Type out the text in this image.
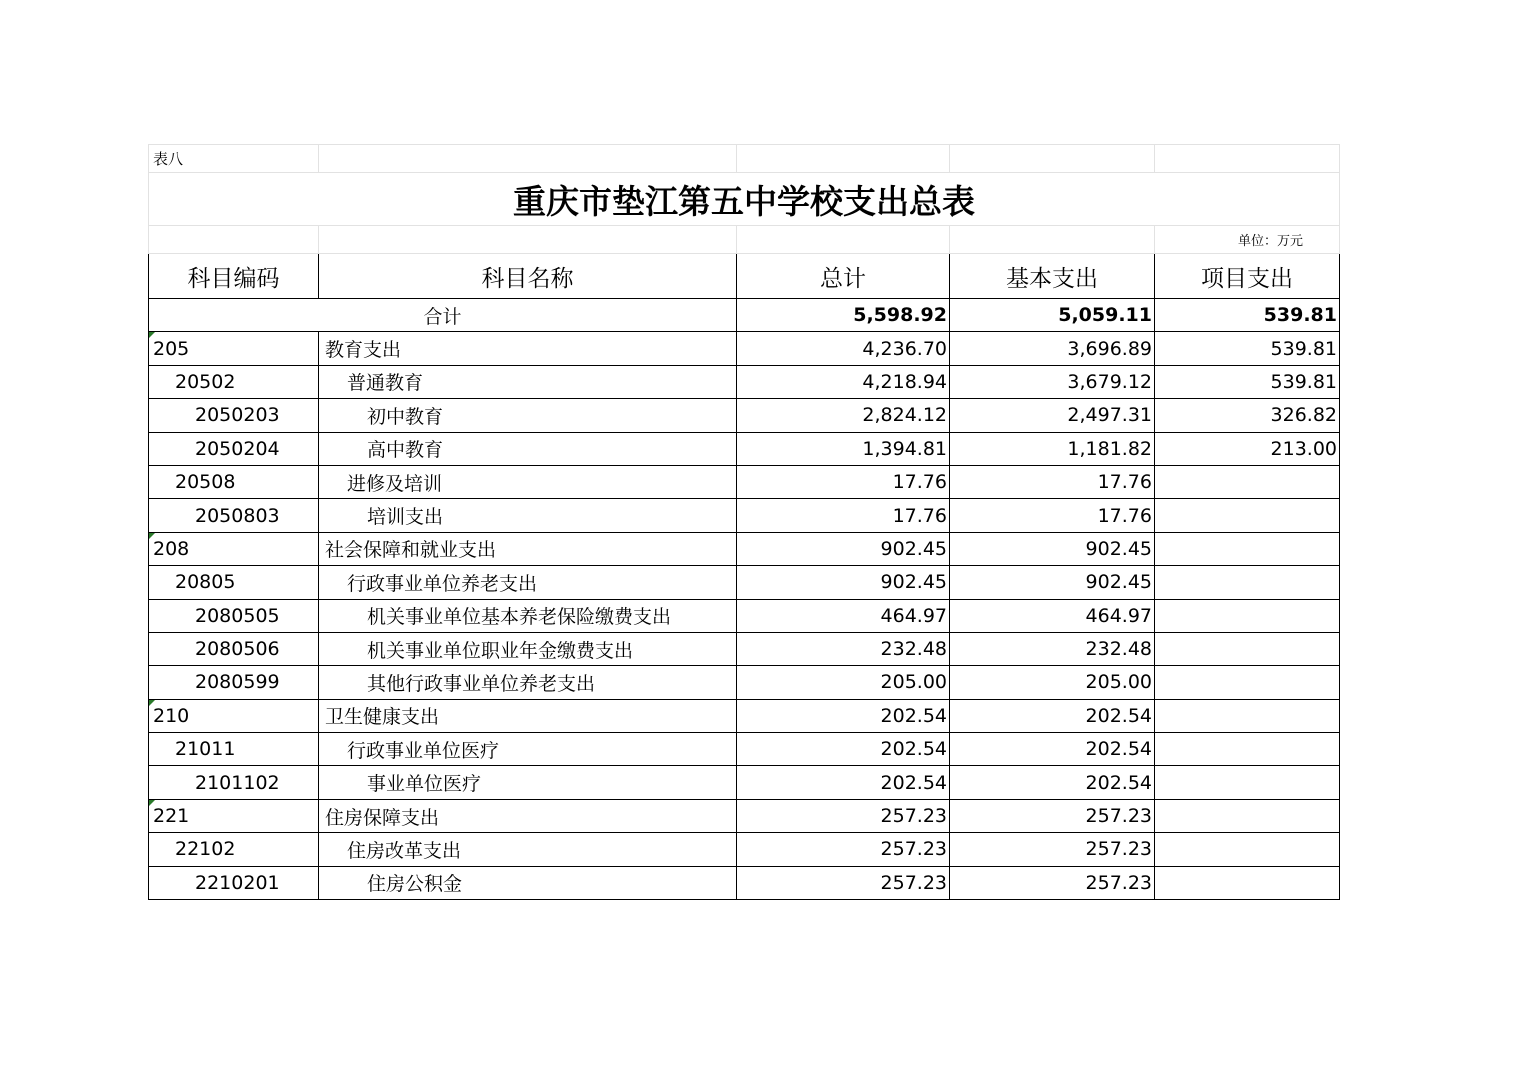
表八				
重庆市垫江第五中学校支出总表				
				单位：万元
科目编码	科目名称	总计	基本支出	项目支出
合计		5,598.92	5,059.11	539.81
205	教育支出	4,236.70	3,696.89	539.81
20502	普通教育	4,218.94	3,679.12	539.81
2050203	初中教育	2,824.12	2,497.31	326.82
2050204	高中教育	1,394.81	1,181.82	213.00
20508	进修及培训	17.76	17.76	
2050803	培训支出	17.76	17.76	
208	社会保障和就业支出	902.45	902.45	
20805	行政事业单位养老支出	902.45	902.45	
2080505	机关事业单位基本养老保险缴费支出	464.97	464.97	
2080506	机关事业单位职业年金缴费支出	232.48	232.48	
2080599	其他行政事业单位养老支出	205.00	205.00	
210	卫生健康支出	202.54	202.54	
21011	行政事业单位医疗	202.54	202.54	
2101102	事业单位医疗	202.54	202.54	
221	住房保障支出	257.23	257.23	
22102	住房改革支出	257.23	257.23	
2210201	住房公积金	257.23	257.23	
